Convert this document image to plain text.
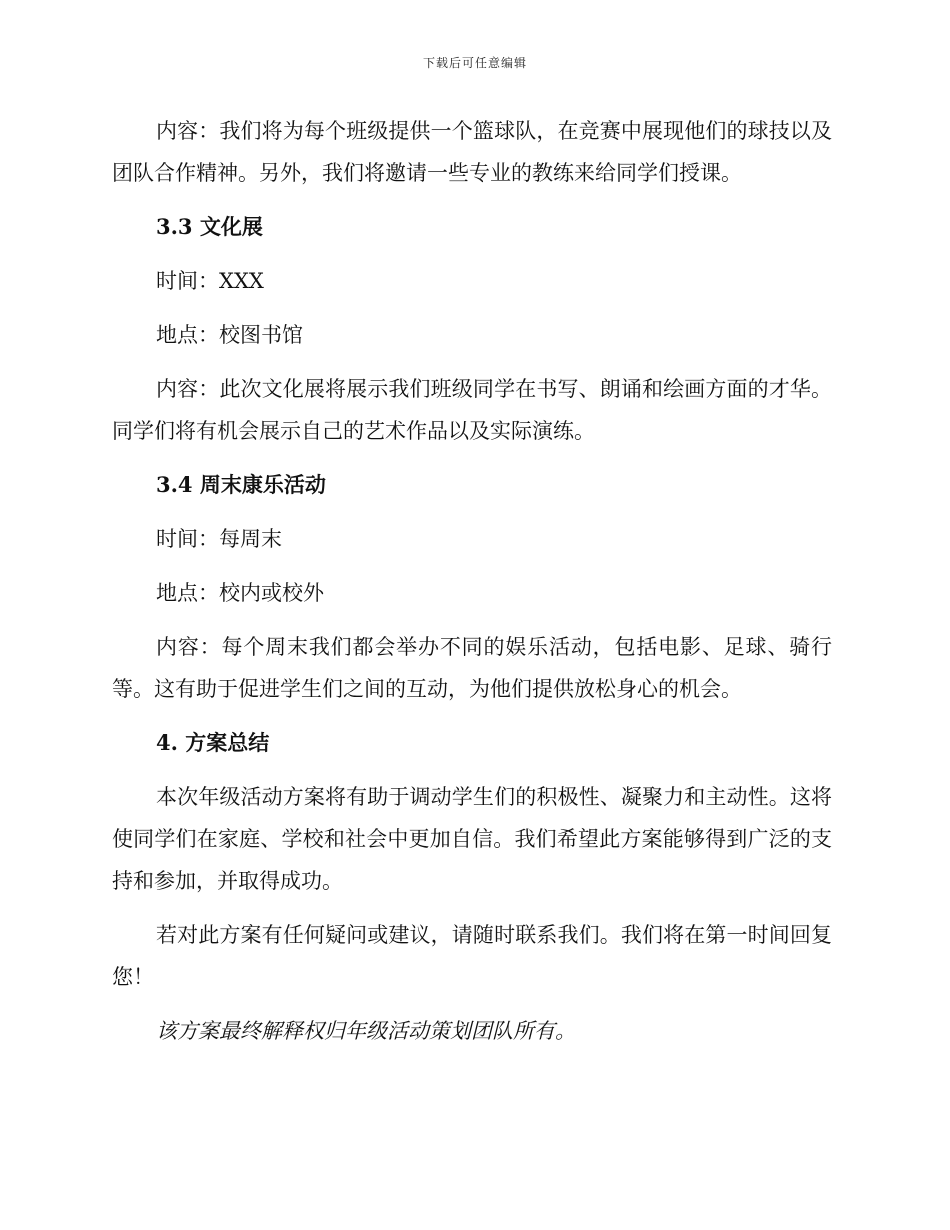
下载后可任意编辑

内容：我们将为每个班级提供一个篮球队，在竞赛中展现他们的球技以及团队合作精神。另外，我们将邀请一些专业的教练来给同学们授课。

3.3 文化展
时间：XXX
地点：校图书馆

内容：此次文化展将展示我们班级同学在书写、朗诵和绘画方面的才华。同学们将有机会展示自己的艺术作品以及实际演练。

3.4 周末康乐活动
时间：每周末
地点：校内或校外

内容：每个周末我们都会举办不同的娱乐活动，包括电影、足球、骑行等。这有助于促进学生们之间的互动，为他们提供放松身心的机会。

4. 方案总结

本次年级活动方案将有助于调动学生们的积极性、凝聚力和主动性。这将使同学们在家庭、学校和社会中更加自信。我们希望此方案能够得到广泛的支持和参加，并取得成功。

若对此方案有任何疑问或建议，请随时联系我们。我们将在第一时间回复您！

该方案最终解释权归年级活动策划团队所有。
